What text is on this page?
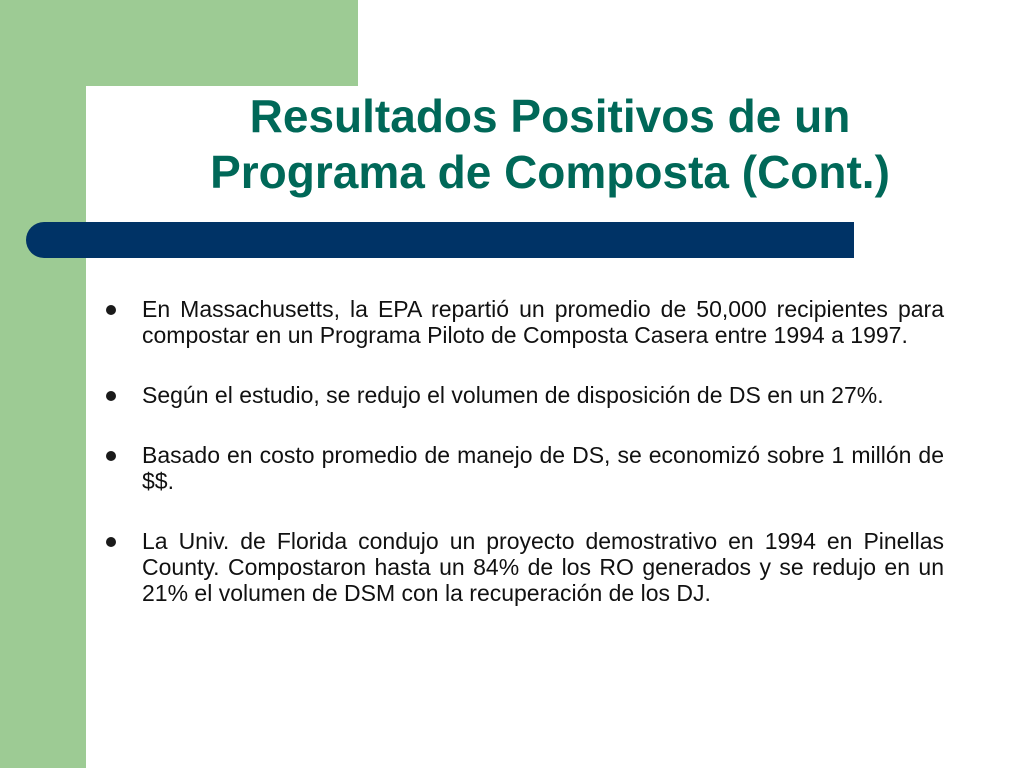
Resultados Positivos de un
Programa de Composta (Cont.)
En Massachusetts, la EPA repartió un promedio de 50,000 recipientes para compostar en un Programa Piloto de Composta Casera entre 1994 a 1997.
Según el estudio, se redujo el volumen de disposición de DS en un 27%.
Basado en costo promedio de manejo de DS, se economizó sobre 1 millón de $$.
La Univ. de Florida condujo un proyecto demostrativo en 1994 en Pinellas County. Compostaron hasta un 84% de los RO generados y se redujo en un 21% el volumen de DSM con la recuperación de los DJ.
